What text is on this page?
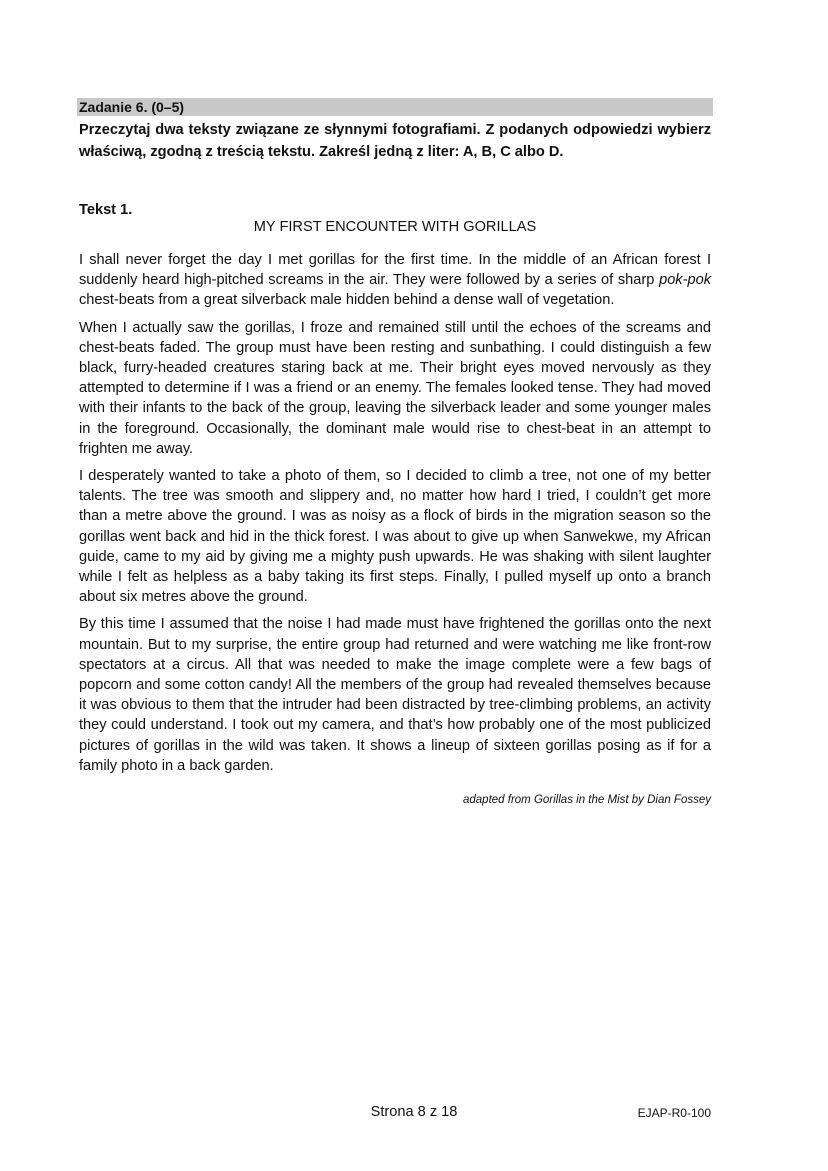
Zadanie 6. (0–5)
Przeczytaj dwa teksty związane ze słynnymi fotografiami. Z podanych odpowiedzi wybierz właściwą, zgodną z treścią tekstu. Zakreśl jedną z liter: A, B, C albo D.
Tekst 1.
MY FIRST ENCOUNTER WITH GORILLAS

I shall never forget the day I met gorillas for the first time. In the middle of an African forest I suddenly heard high-pitched screams in the air. They were followed by a series of sharp pok-pok chest-beats from a great silverback male hidden behind a dense wall of vegetation.

When I actually saw the gorillas, I froze and remained still until the echoes of the screams and chest-beats faded. The group must have been resting and sunbathing. I could distinguish a few black, furry-headed creatures staring back at me. Their bright eyes moved nervously as they attempted to determine if I was a friend or an enemy. The females looked tense. They had moved with their infants to the back of the group, leaving the silverback leader and some younger males in the foreground. Occasionally, the dominant male would rise to chest-beat in an attempt to frighten me away.

I desperately wanted to take a photo of them, so I decided to climb a tree, not one of my better talents. The tree was smooth and slippery and, no matter how hard I tried, I couldn’t get more than a metre above the ground. I was as noisy as a flock of birds in the migration season so the gorillas went back and hid in the thick forest. I was about to give up when Sanwekwe, my African guide, came to my aid by giving me a mighty push upwards. He was shaking with silent laughter while I felt as helpless as a baby taking its first steps. Finally, I pulled myself up onto a branch about six metres above the ground.

By this time I assumed that the noise I had made must have frightened the gorillas onto the next mountain. But to my surprise, the entire group had returned and were watching me like front-row spectators at a circus. All that was needed to make the image complete were a few bags of popcorn and some cotton candy! All the members of the group had revealed themselves because it was obvious to them that the intruder had been distracted by tree-climbing problems, an activity they could understand. I took out my camera, and that’s how probably one of the most publicized pictures of gorillas in the wild was taken. It shows a lineup of sixteen gorillas posing as if for a family photo in a back garden.

adapted from Gorillas in the Mist by Dian Fossey
Strona 8 z 18	EJAP-R0-100
